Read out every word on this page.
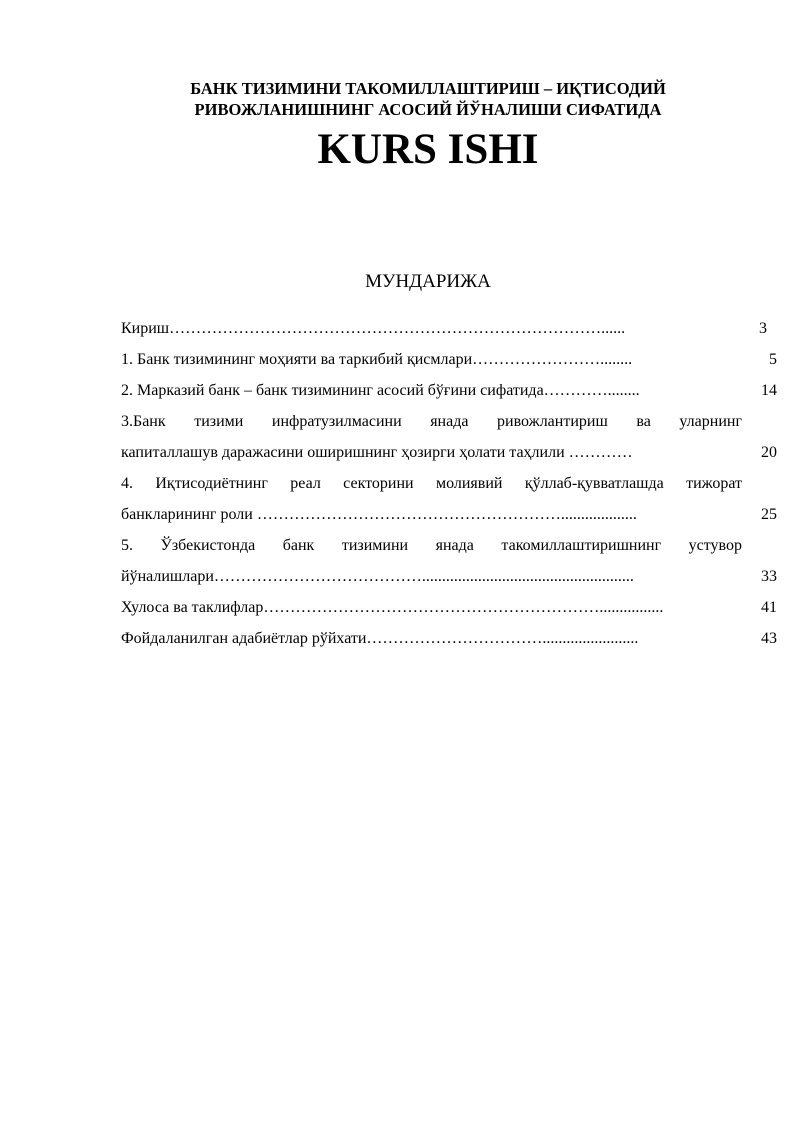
БАНК ТИЗИМИНИ ТАКОМИЛЛАШТИРИШ – ИҚТИСОДИЙ
РИВОЖЛАНИШНИНГ АСОСИЙ ЙЎНАЛИШИ СИФАТИДА
KURS ISHI
МУНДАРИЖА
Кириш………………………………………………………………………......	3
1. Банк тизимининг моҳияти ва таркибий қисмлари……………………........	5
2. Марказий банк – банк тизимининг асосий бўғини сифатида…………........	14
3.Банк тизими инфратузилмасини янада ривожлантириш ва уларнинг
капиталлашув даражасини оширишнинг ҳозирги ҳолати таҳлили …………	20
4. Иқтисодиётнинг реал секторини молиявий қўллаб-қувватлашда тижорат
банкларининг роли …………………………………………………...................	25
5. Ўзбекистонда банк тизимини янада такомиллаштиришнинг устувор
йўналишлари………………………………….....................................................	33
Хулоса ва таклифлар………………………………………………………................	41
Фойдаланилган адабиётлар рўйхати……………………………........................	43
